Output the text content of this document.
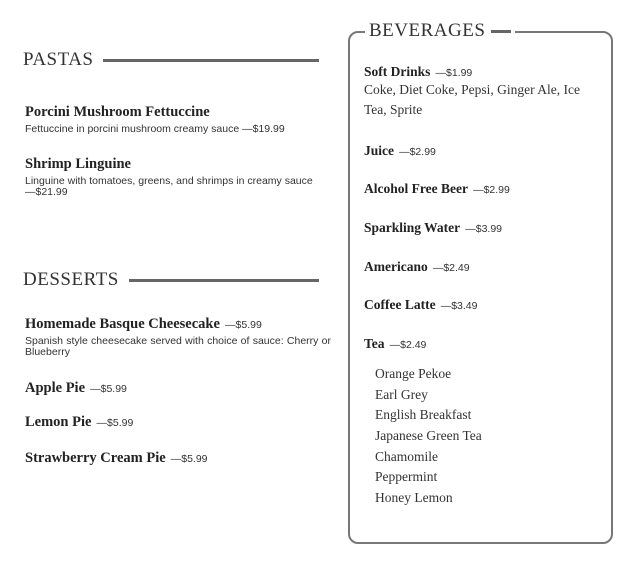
PASTAS
Porcini Mushroom Fettuccine
Fettuccine in porcini mushroom creamy sauce —$19.99
Shrimp Linguine
Linguine with tomatoes, greens, and shrimps in creamy sauce —$21.99
DESSERTS
Homemade Basque Cheesecake —$5.99
Spanish style cheesecake served with choice of sauce: Cherry or Blueberry
Apple Pie —$5.99
Lemon Pie —$5.99
Strawberry Cream Pie —$5.99
BEVERAGES
Soft Drinks —$1.99
Coke, Diet Coke, Pepsi, Ginger Ale, Ice Tea, Sprite
Juice —$2.99
Alcohol Free Beer —$2.99
Sparkling Water —$3.99
Americano —$2.49
Coffee Latte —$3.49
Tea —$2.49
Orange Pekoe
Earl Grey
English Breakfast
Japanese Green Tea
Chamomile
Peppermint
Honey Lemon
